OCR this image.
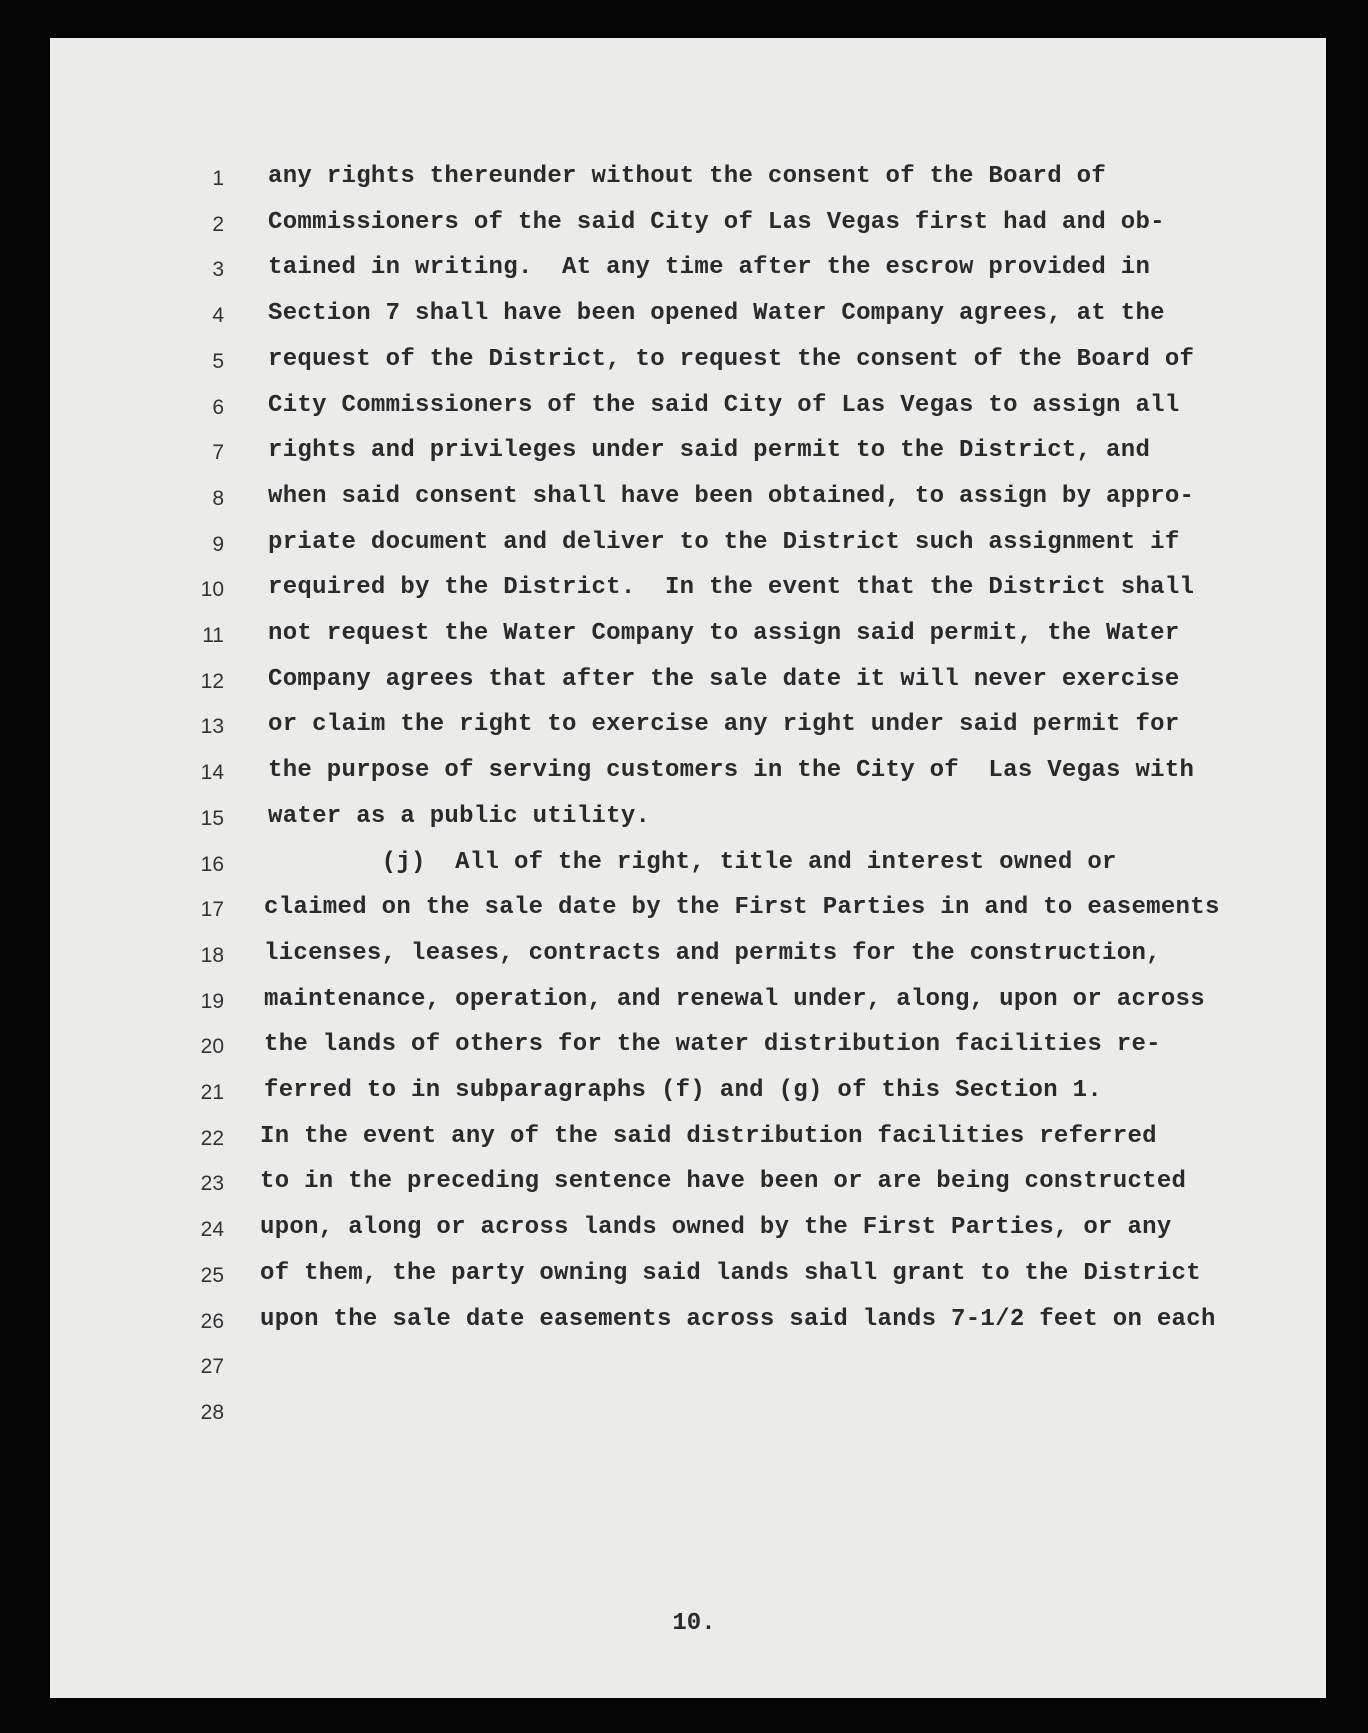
1
2
3
4
5
6
7
8
9
10
11
12
13
14
15
16
17
18
19
20
21
22
23
24
25
26
27
28
any rights thereunder without the consent of the Board of
Commissioners of the said City of Las Vegas first had and ob-
tained in writing.  At any time after the escrow provided in
Section 7 shall have been opened Water Company agrees, at the
request of the District, to request the consent of the Board of
City Commissioners of the said City of Las Vegas to assign all
rights and privileges under said permit to the District, and
when said consent shall have been obtained, to assign by appro-
priate document and deliver to the District such assignment if
required by the District.  In the event that the District shall
not request the Water Company to assign said permit, the Water
Company agrees that after the sale date it will never exercise
or claim the right to exercise any right under said permit for
the purpose of serving customers in the City of  Las Vegas with
water as a public utility.
(j)  All of the right, title and interest owned or
claimed on the sale date by the First Parties in and to easements
licenses, leases, contracts and permits for the construction,
maintenance, operation, and renewal under, along, upon or across
the lands of others for the water distribution facilities re-
ferred to in subparagraphs (f) and (g) of this Section 1.
In the event any of the said distribution facilities referred
to in the preceding sentence have been or are being constructed
upon, along or across lands owned by the First Parties, or any
of them, the party owning said lands shall grant to the District
upon the sale date easements across said lands 7-1/2 feet on each
10.
